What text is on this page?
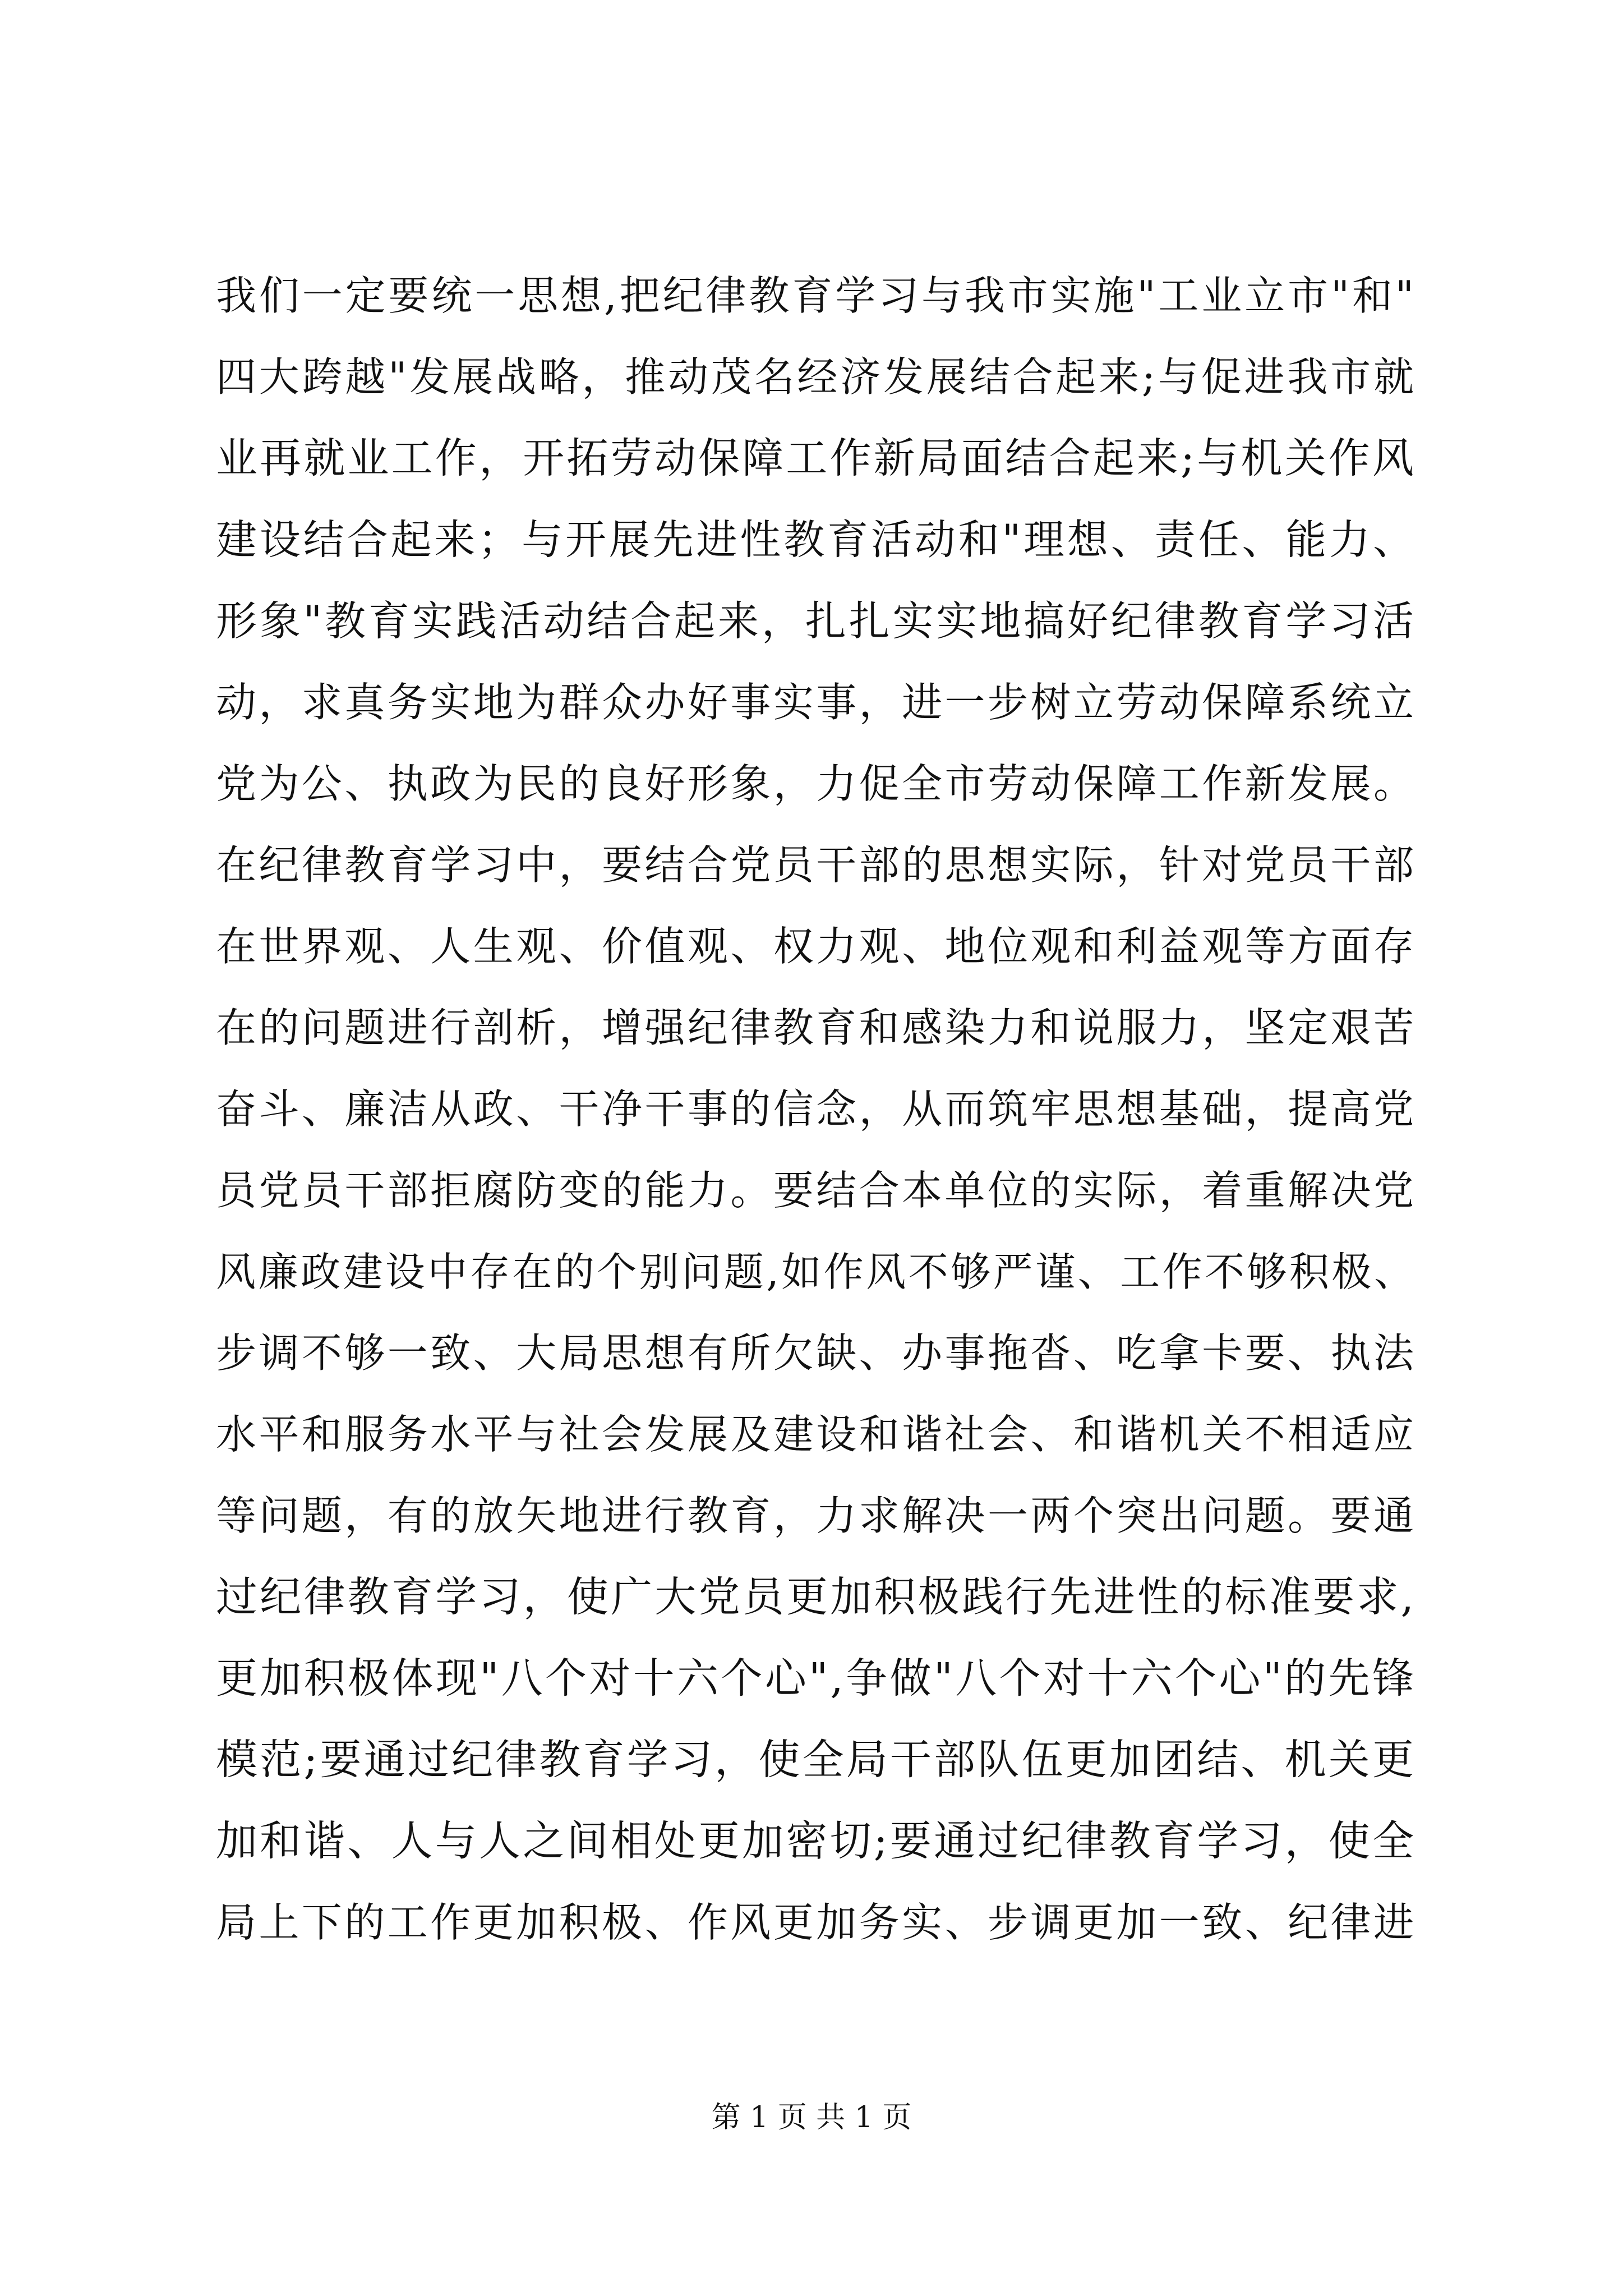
我们一定要统一思想,把纪律教育学习与我市实施"工业立市"和"
四大跨越"发展战略，推动茂名经济发展结合起来;与促进我市就
业再就业工作，开拓劳动保障工作新局面结合起来;与机关作风
建设结合起来；与开展先进性教育活动和"理想、责任、能力、
形象"教育实践活动结合起来，扎扎实实地搞好纪律教育学习活
动，求真务实地为群众办好事实事，进一步树立劳动保障系统立
党为公、执政为民的良好形象，力促全市劳动保障工作新发展。
在纪律教育学习中，要结合党员干部的思想实际，针对党员干部
在世界观、人生观、价值观、权力观、地位观和利益观等方面存
在的问题进行剖析，增强纪律教育和感染力和说服力，坚定艰苦
奋斗、廉洁从政、干净干事的信念，从而筑牢思想基础，提高党
员党员干部拒腐防变的能力。要结合本单位的实际，着重解决党
风廉政建设中存在的个别问题,如作风不够严谨、工作不够积极、
步调不够一致、大局思想有所欠缺、办事拖沓、吃拿卡要、执法
水平和服务水平与社会发展及建设和谐社会、和谐机关不相适应
等问题，有的放矢地进行教育，力求解决一两个突出问题。要通
过纪律教育学习，使广大党员更加积极践行先进性的标准要求,
更加积极体现"八个对十六个心",争做"八个对十六个心"的先锋
模范;要通过纪律教育学习，使全局干部队伍更加团结、机关更
加和谐、人与人之间相处更加密切;要通过纪律教育学习，使全
局上下的工作更加积极、作风更加务实、步调更加一致、纪律进
第 1 页 共 1 页
